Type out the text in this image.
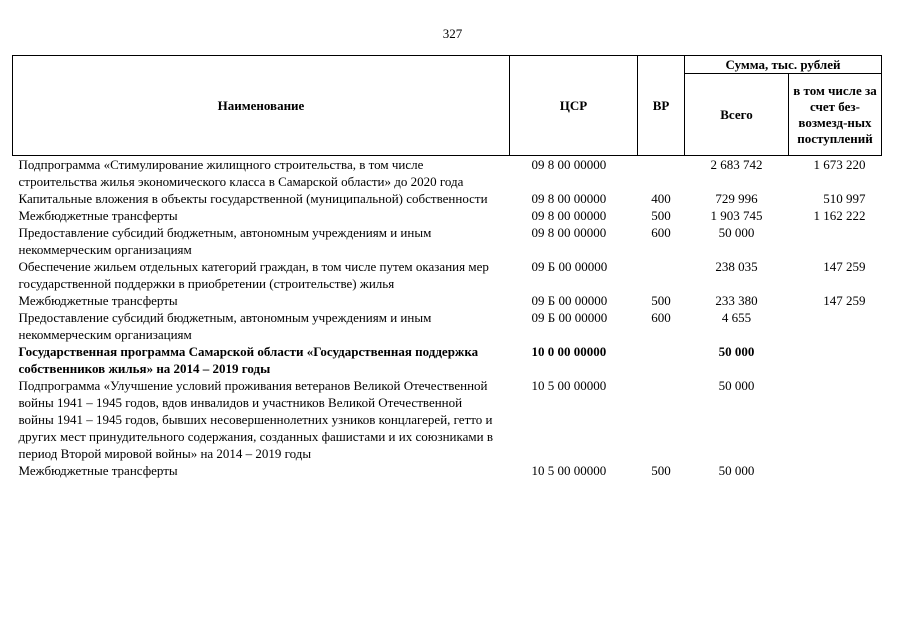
327
Наименование	ЦСР	ВР	Сумма, тыс. рублей	
			Всего	в том числе за счет без-возмезд-ных поступлений
Подпрограмма «Стимулирование жилищного строительства, в том числе строительства жилья экономического класса в Самарской области» до 2020 года	09 8 00 00000		2 683 742	1 673 220
Капитальные вложения в объекты государственной (муниципальной) собственности	09 8 00 00000	400	729 996	510 997
Межбюджетные трансферты	09 8 00 00000	500	1 903 745	1 162 222
Предоставление субсидий бюджетным, автономным учреждениям и иным некоммерческим организациям	09 8 00 00000	600	50 000	
Обеспечение жильем отдельных категорий граждан, в том числе путем оказания мер государственной поддержки в приобретении (строительстве) жилья	09 Б 00 00000		238 035	147 259
Межбюджетные трансферты	09 Б 00 00000	500	233 380	147 259
Предоставление субсидий бюджетным, автономным учреждениям и иным некоммерческим организациям	09 Б 00 00000	600	4 655	
Государственная программа Самарской области «Государственная поддержка собственников жилья» на 2014 – 2019 годы	10 0 00 00000		50 000	
Подпрограмма «Улучшение условий проживания ветеранов Великой Отечественной войны 1941 – 1945 годов, вдов инвалидов и участников Великой Отечественной войны 1941 – 1945 годов, бывших несовершеннолетних узников концлагерей, гетто и других мест принудительного содержания, созданных фашистами и их союзниками в период Второй мировой войны» на 2014 – 2019 годы	10 5 00 00000		50 000	
Межбюджетные трансферты	10 5 00 00000	500	50 000	
